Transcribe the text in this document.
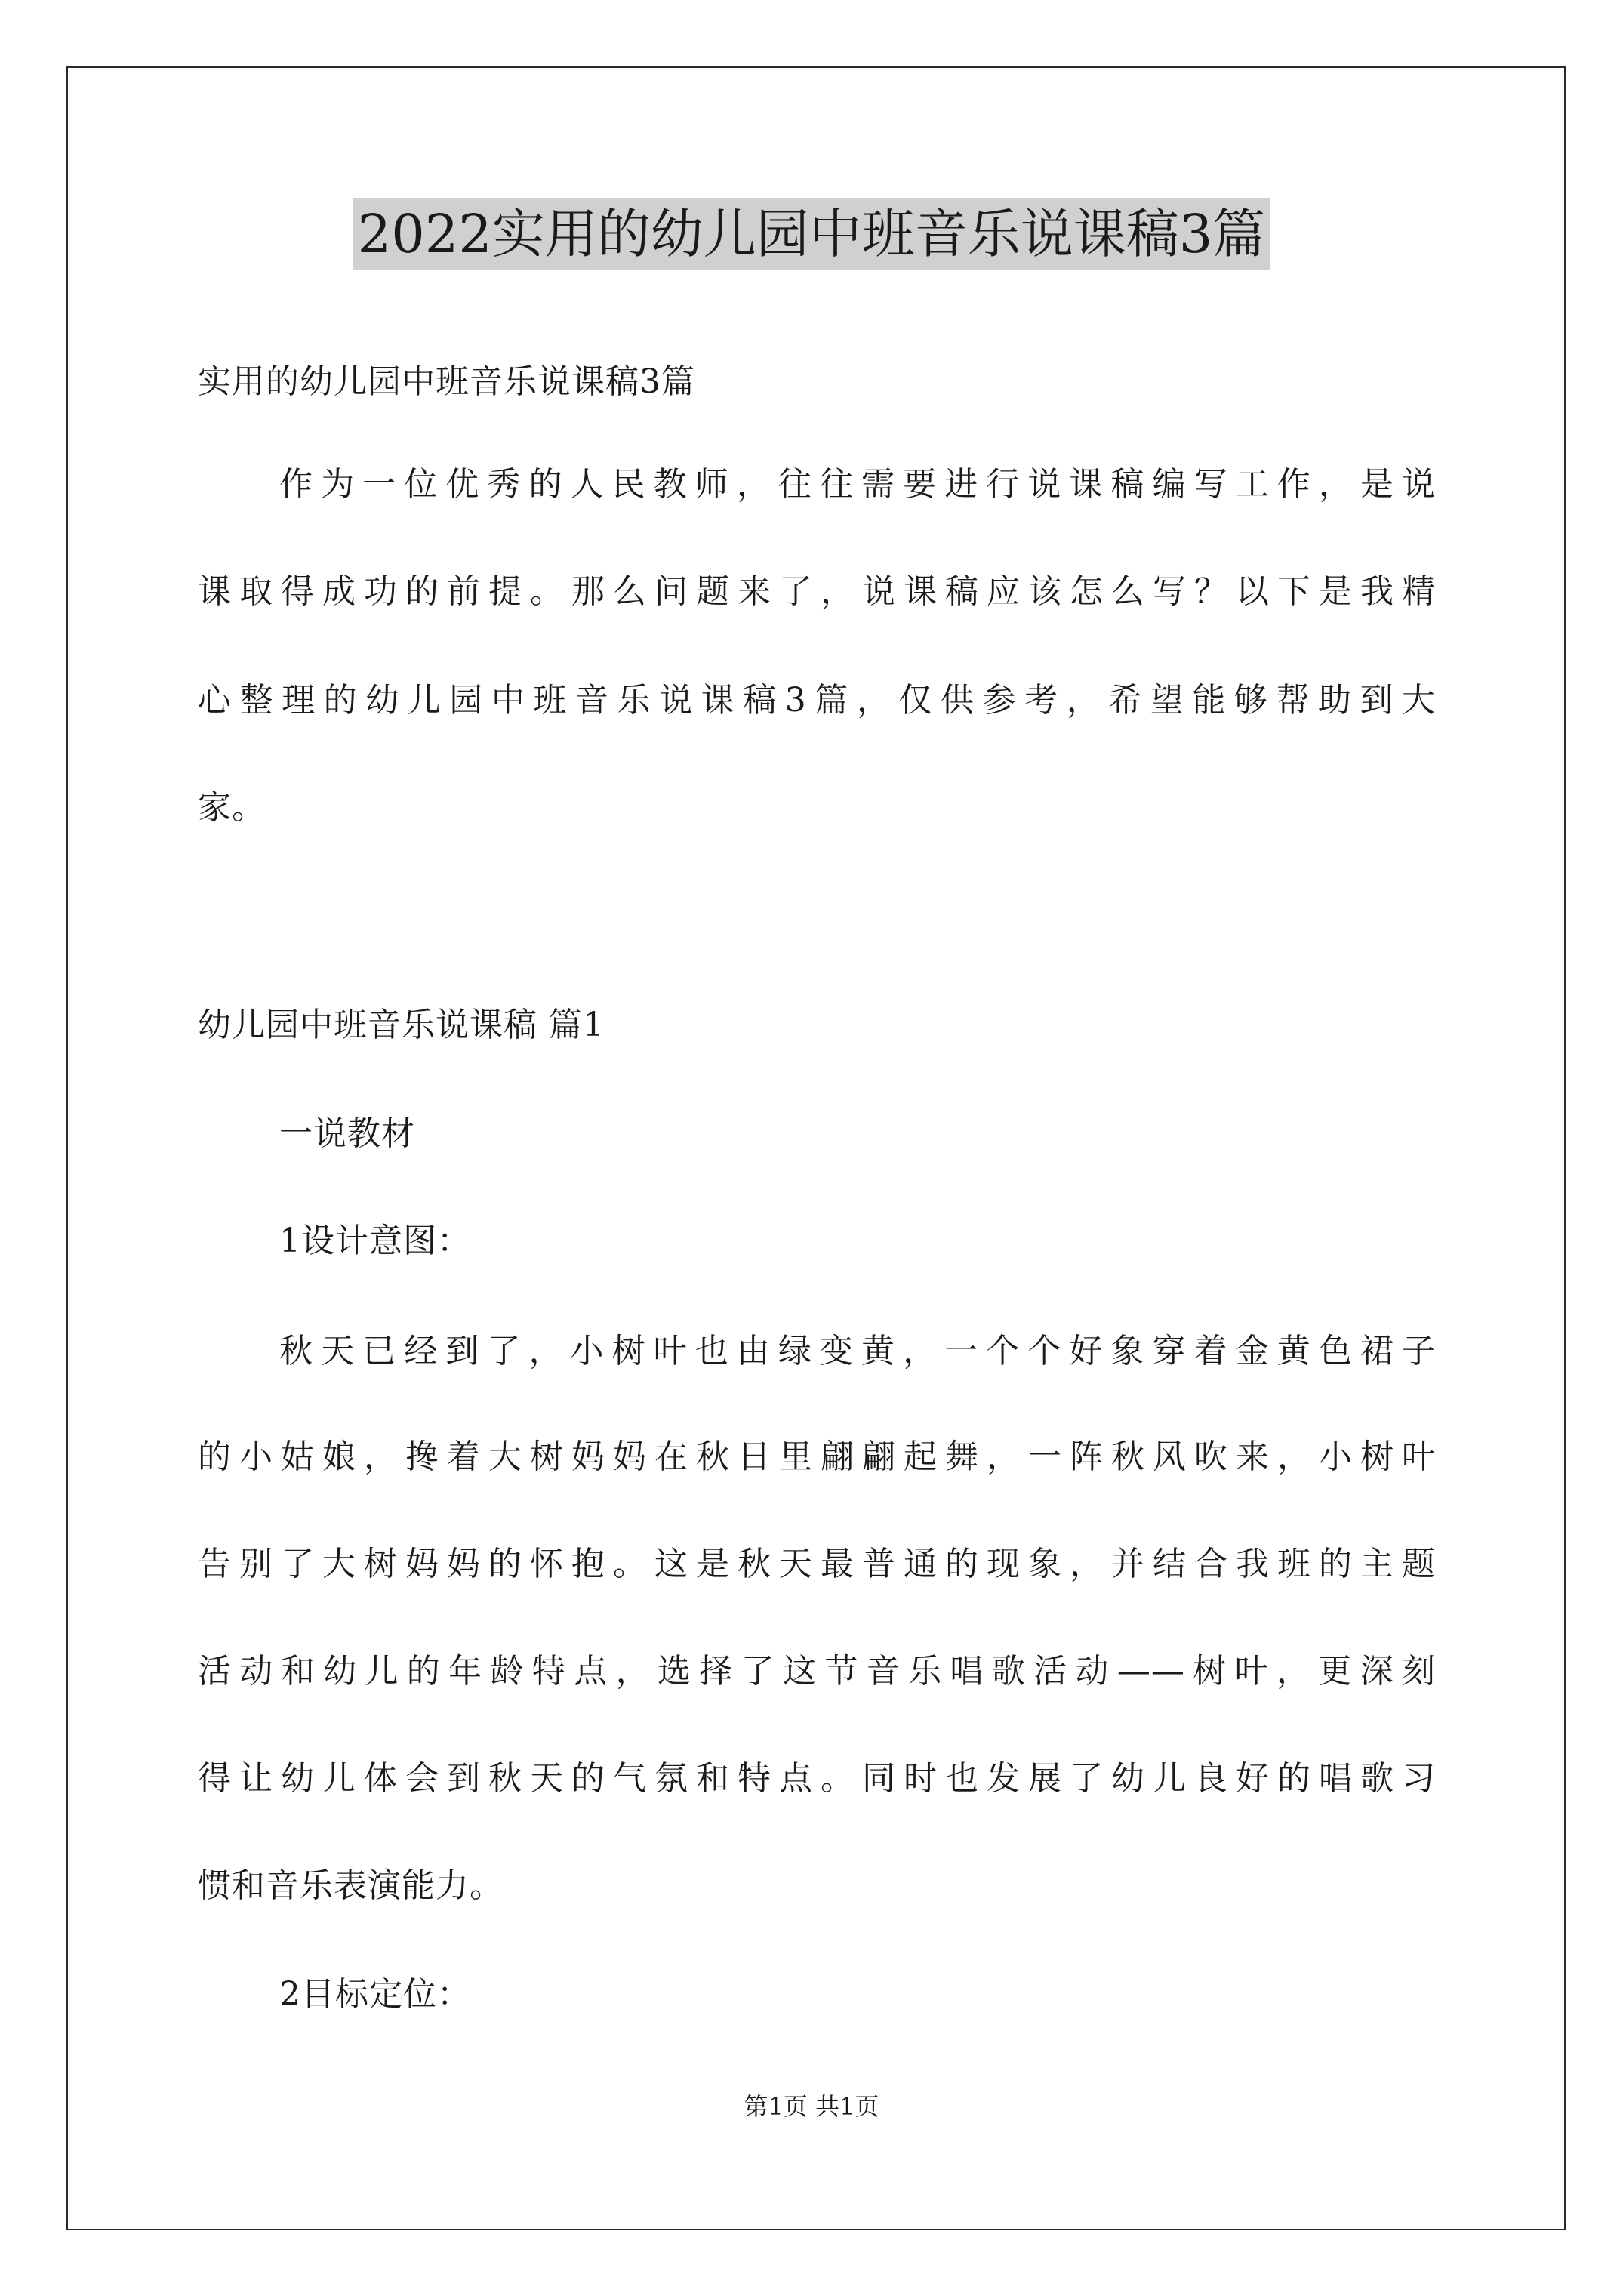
2022实用的幼儿园中班音乐说课稿3篇
实用的幼儿园中班音乐说课稿3篇
作为一位优秀的人民教师，往往需要进行说课稿编写工作，是说
课取得成功的前提。那么问题来了，说课稿应该怎么写？以下是我精
心整理的幼儿园中班音乐说课稿3篇，仅供参考，希望能够帮助到大
家。
幼儿园中班音乐说课稿 篇1
一说教材
1设计意图：
秋天已经到了，小树叶也由绿变黄，一个个好象穿着金黄色裙子
的小姑娘，搀着大树妈妈在秋日里翩翩起舞，一阵秋风吹来，小树叶
告别了大树妈妈的怀抱。这是秋天最普通的现象，并结合我班的主题
活动和幼儿的年龄特点，选择了这节音乐唱歌活动——树叶，更深刻
得让幼儿体会到秋天的气氛和特点。同时也发展了幼儿良好的唱歌习
惯和音乐表演能力。
2目标定位：
第1页 共1页
